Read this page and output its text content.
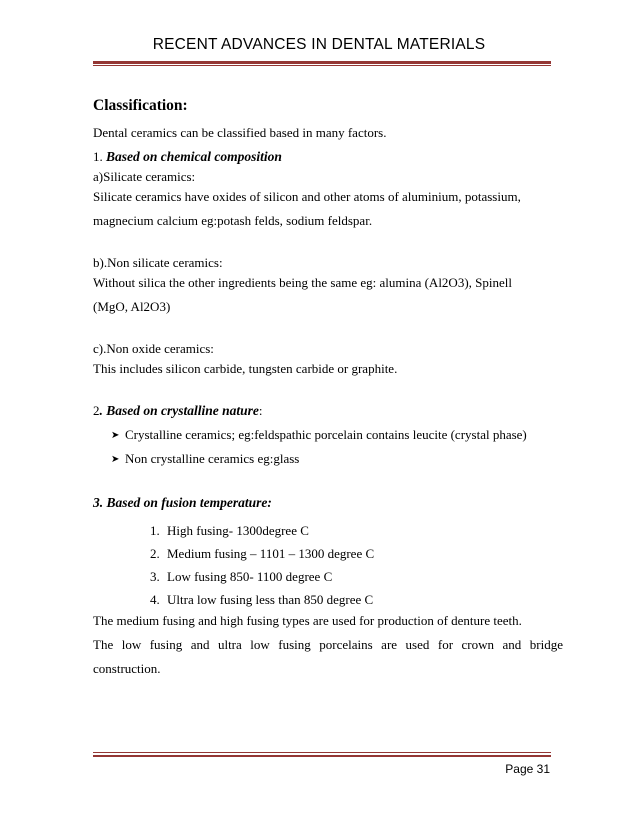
RECENT ADVANCES IN DENTAL MATERIALS

Classification:

Dental ceramics can be classified based in many factors.

1. Based on chemical composition

a)Silicate ceramics:

Silicate ceramics have oxides of silicon and other atoms of aluminium, potassium,

magnecium calcium eg:potash felds, sodium feldspar.

b).Non silicate ceramics:

Without silica the other ingredients being the same eg: alumina (Al2O3), Spinell

(MgO, Al2O3)

c).Non oxide ceramics:

This includes silicon carbide, tungsten carbide or graphite.

2. Based on crystalline nature:

➤ Crystalline ceramics; eg:feldspathic porcelain contains leucite (crystal phase)
➤ Non crystalline ceramics eg:glass

3. Based on fusion temperature:

1. High fusing- 1300degree C
2. Medium fusing – 1101 – 1300 degree C
3. Low fusing 850- 1100 degree C
4. Ultra low fusing less than 850 degree C

The medium fusing and high fusing types are used for production of denture teeth.

The low fusing and ultra low fusing porcelains are used for crown and bridge

construction.

Page 31
